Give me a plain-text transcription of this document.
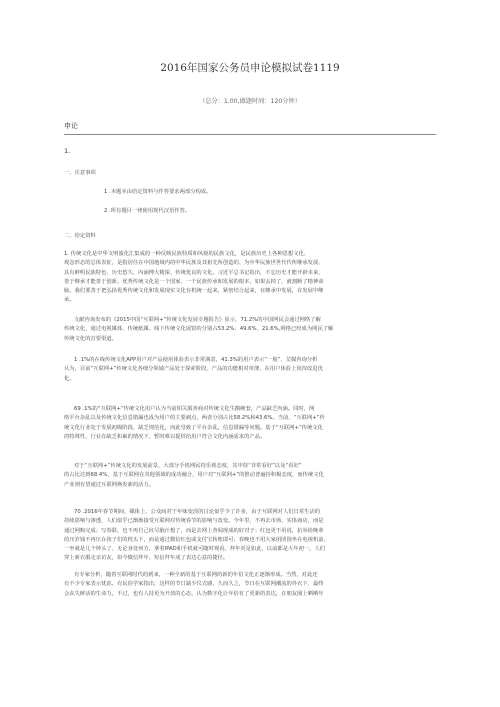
2016年国家公务员申论模拟试卷1119
（总分：1.00,做题时间：120分钟）
申论
1.
一、注意事项
1 .本题本由给定资料与作答要求两部分构成。
2 .所有题目一律使用现代汉语作答。
二、给定资料
1. 传统文化是中华文明演化汇集成的一种反映民族特质和风貌的民族文化，是民族历史上各种思想文化、
观念形态的总体表征，是指居住在中国地域内的中华民族及其祖先所创造的、为中华民族世世代代所继承发展、
具有鲜明民族特色、历史悠久、内涵博大精深、传统优良的文化。习近平总书记指出，不忘历史才能开辟未来，
善于继承才能善于创新。优秀传统文化是一个国家、一个民族传承和发展的根本，如果丢掉了，就割断了精神命
脉。我们要善于把弘扬优秀传统文化和发展现实文化有机统一起来，紧密结合起来，在继承中发展，在发展中继
承。
文献咨询发布的《2015中国“互联网+”传统文化发展专题报告》显示，71.2%的中国网民会通过网络了解
传统文化，通过电视媒体、传统纸媒、线下传统文化展馆的分别占53.2%、49.6%、21.6%,网络已经成为网民了解
传统文化的首要渠道。
1 .1%的在线传统文化APP用户对产品使用体验表示非常满意，41.3%的用户表示“一般”，艾媒咨询分析
认为，目前“互联网+”传统文化各细分领域产品处于探索阶段，产品的功能相对单薄，在用户体验上尚待改进优
化。
69 .1%的“互联网+”传统文化用户认为当前相关服务商对传统文化生搬硬套，产品缺乏内涵。同时，网
络平台杂乱以及传统文化信息错漏也成为用户的主要痛点，两者分别占比58.2%和43.6%。当前，“互联网+”传
统文化行业处于发展初级阶段，缺乏规范化，而此导致了平台杂乱，信息错漏等问题。基于“互联网+”传统文化
的特殊性，行业在缺乏积累的情况下，暂时难以提供给用户符合文化内涵需求的产品。
对于“互联网+”传统文化的发展前景，大部分手机网民持乐观态度，其中持“非常看好”以及“看好”
的占比达到68.4%，基于互联网在其他领域的成功融合，用户对“互联网+”的推动普遍持积极态度，而传统文化
产业则有望通过互联网焕发新的活力。
70 .2016年春节期间，媒体上、公众间对于年味变淡的讨论似乎少了许多，由于互联网对人们日常生活的
持续影响与渗透，人们似乎已渐渐接受互联网对传统春节的影响与改变。今年里，不再去市场、实体商店，而是
通过网购完成；写春联，也不再自己纹尽脑汁想了，而是去网上查阅现成的好对子；红包更不用说，抗举给晚辈
的压岁钱不再压在孩子们的枕头下，而是通过微信红包或支付宝转账即可；春晚也不用大家团团围坐在电视机前，
一坐就是几个钟头了，无论身处何方，拿着IPAD和手机就可随时观看。拜年更是如此，以前都是大年初一，人们
穿上新衣服走亲访友，如今微信拜年、短信拜年成了表达心意的捷径。
有专家分析，随着互联网时代的到来，一种全新的基于互联网的新的年俗文化正逐渐形成。当然，对此还
有不少专家表示忧虑。有民俗学家指出，这样的节日缺少仪式感，久而久之，节日在互联网潮流的外衣下，最终
会丧失鲜活的生命力。不过，也有人持更为开放的心态，认为数字化让年俗有了更新的表达，在朋友圈上晒晒年
